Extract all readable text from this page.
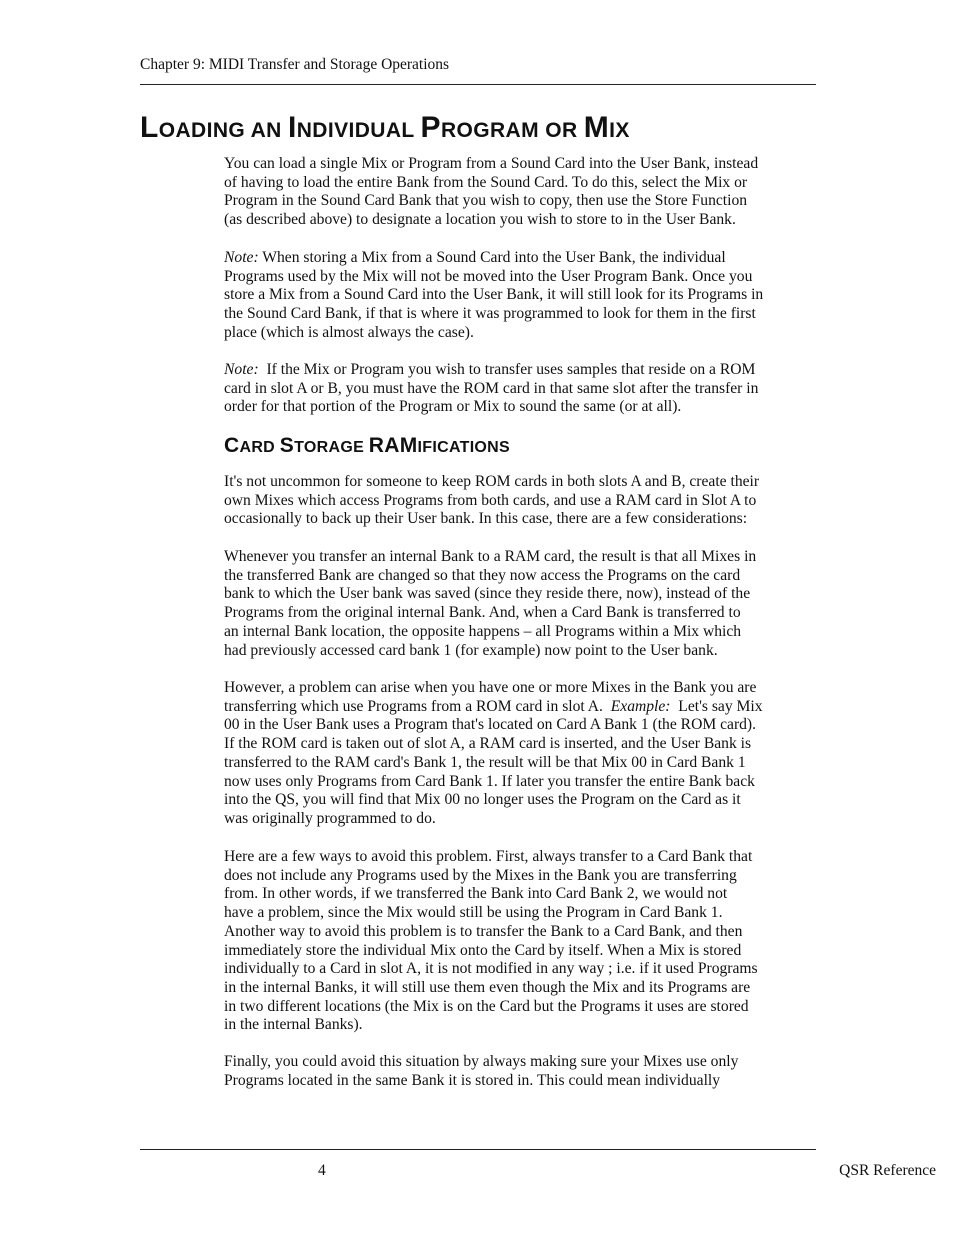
Chapter 9: MIDI Transfer and Storage Operations
LOADING AN INDIVIDUAL PROGRAM OR MIX

You can load a single Mix or Program from a Sound Card into the User Bank, instead
of having to load the entire Bank from the Sound Card. To do this, select the Mix or
Program in the Sound Card Bank that you wish to copy, then use the Store Function
(as described above) to designate a location you wish to store to in the User Bank.

Note: When storing a Mix from a Sound Card into the User Bank, the individual
Programs used by the Mix will not be moved into the User Program Bank. Once you
store a Mix from a Sound Card into the User Bank, it will still look for its Programs in
the Sound Card Bank, if that is where it was programmed to look for them in the first
place (which is almost always the case).

Note:  If the Mix or Program you wish to transfer uses samples that reside on a ROM
card in slot A or B, you must have the ROM card in that same slot after the transfer in
order for that portion of the Program or Mix to sound the same (or at all).

CARD STORAGE RAMIFICATIONS

It's not uncommon for someone to keep ROM cards in both slots A and B, create their
own Mixes which access Programs from both cards, and use a RAM card in Slot A to
occasionally to back up their User bank. In this case, there are a few considerations:

Whenever you transfer an internal Bank to a RAM card, the result is that all Mixes in
the transferred Bank are changed so that they now access the Programs on the card
bank to which the User bank was saved (since they reside there, now), instead of the
Programs from the original internal Bank. And, when a Card Bank is transferred to
an internal Bank location, the opposite happens – all Programs within a Mix which
had previously accessed card bank 1 (for example) now point to the User bank.

However, a problem can arise when you have one or more Mixes in the Bank you are
transferring which use Programs from a ROM card in slot A.  Example:  Let's say Mix
00 in the User Bank uses a Program that's located on Card A Bank 1 (the ROM card).
If the ROM card is taken out of slot A, a RAM card is inserted, and the User Bank is
transferred to the RAM card's Bank 1, the result will be that Mix 00 in Card Bank 1
now uses only Programs from Card Bank 1. If later you transfer the entire Bank back
into the QS, you will find that Mix 00 no longer uses the Program on the Card as it
was originally programmed to do.

Here are a few ways to avoid this problem. First, always transfer to a Card Bank that
does not include any Programs used by the Mixes in the Bank you are transferring
from. In other words, if we transferred the Bank into Card Bank 2, we would not
have a problem, since the Mix would still be using the Program in Card Bank 1.
Another way to avoid this problem is to transfer the Bank to a Card Bank, and then
immediately store the individual Mix onto the Card by itself. When a Mix is stored
individually to a Card in slot A, it is not modified in any way ; i.e. if it used Programs
in the internal Banks, it will still use them even though the Mix and its Programs are
in two different locations (the Mix is on the Card but the Programs it uses are stored
in the internal Banks).

Finally, you could avoid this situation by always making sure your Mixes use only
Programs located in the same Bank it is stored in. This could mean individually

4	QSR Reference
